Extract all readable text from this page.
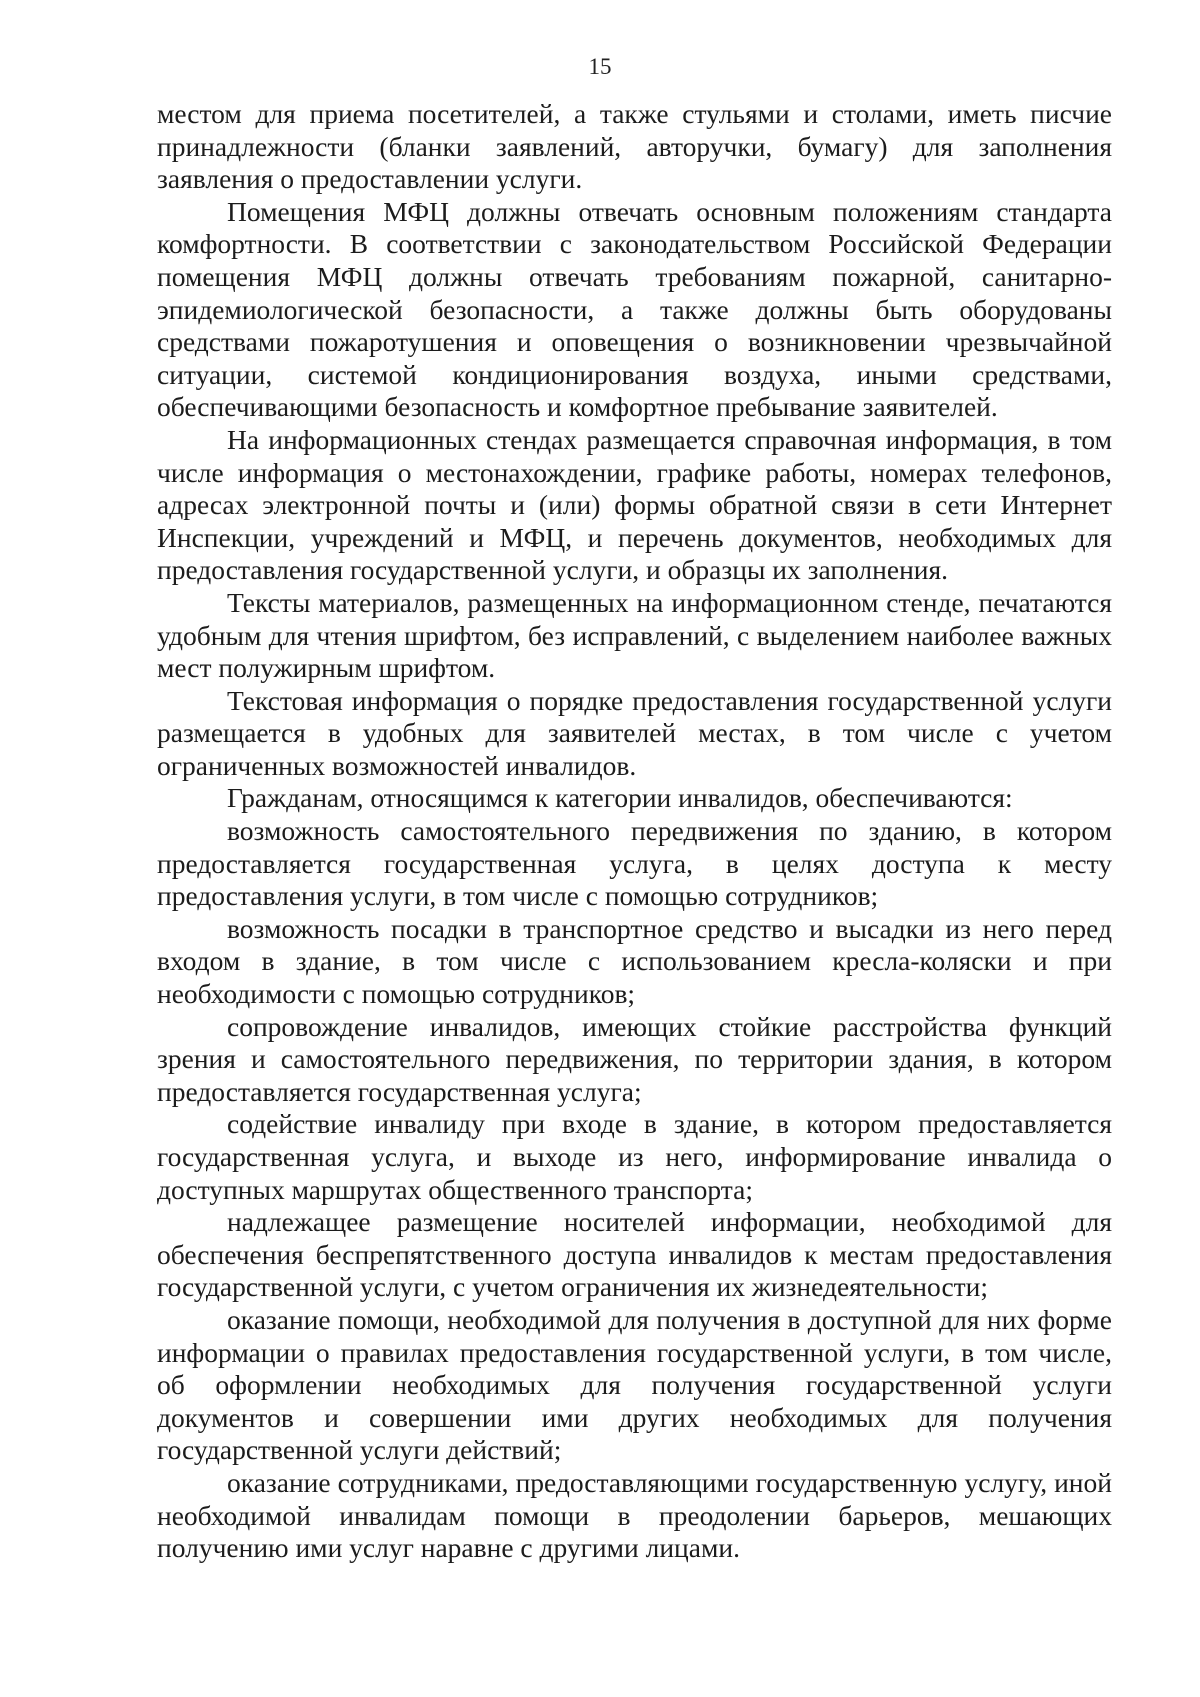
15

местом для приема посетителей, а также стульями и столами, иметь писчие принадлежности (бланки заявлений, авторучки, бумагу) для заполнения заявления о предоставлении услуги.

Помещения МФЦ должны отвечать основным положениям стандарта комфортности. В соответствии с законодательством Российской Федерации помещения МФЦ должны отвечать требованиям пожарной, санитарно-эпидемиологической безопасности, а также должны быть оборудованы средствами пожаротушения и оповещения о возникновении чрезвычайной ситуации, системой кондиционирования воздуха, иными средствами, обеспечивающими безопасность и комфортное пребывание заявителей.

На информационных стендах размещается справочная информация, в том числе информация о местонахождении, графике работы, номерах телефонов, адресах электронной почты и (или) формы обратной связи в сети Интернет Инспекции, учреждений и МФЦ, и перечень документов, необходимых для предоставления государственной услуги, и образцы их заполнения.

Тексты материалов, размещенных на информационном стенде, печатаются удобным для чтения шрифтом, без исправлений, с выделением наиболее важных мест полужирным шрифтом.

Текстовая информация о порядке предоставления государственной услуги размещается в удобных для заявителей местах, в том числе с учетом ограниченных возможностей инвалидов.

Гражданам, относящимся к категории инвалидов, обеспечиваются:

возможность самостоятельного передвижения по зданию, в котором предоставляется государственная услуга, в целях доступа к месту предоставления услуги, в том числе с помощью сотрудников;

возможность посадки в транспортное средство и высадки из него перед входом в здание, в том числе с использованием кресла-коляски и при необходимости с помощью сотрудников;

сопровождение инвалидов, имеющих стойкие расстройства функций зрения и самостоятельного передвижения, по территории здания, в котором предоставляется государственная услуга;

содействие инвалиду при входе в здание, в котором предоставляется государственная услуга, и выходе из него, информирование инвалида о доступных маршрутах общественного транспорта;

надлежащее размещение носителей информации, необходимой для обеспечения беспрепятственного доступа инвалидов к местам предоставления государственной услуги, с учетом ограничения их жизнедеятельности;

оказание помощи, необходимой для получения в доступной для них форме информации о правилах предоставления государственной услуги, в том числе, об оформлении необходимых для получения государственной услуги документов и совершении ими других необходимых для получения государственной услуги действий;

оказание сотрудниками, предоставляющими государственную услугу, иной необходимой инвалидам помощи в преодолении барьеров, мешающих получению ими услуг наравне с другими лицами.
